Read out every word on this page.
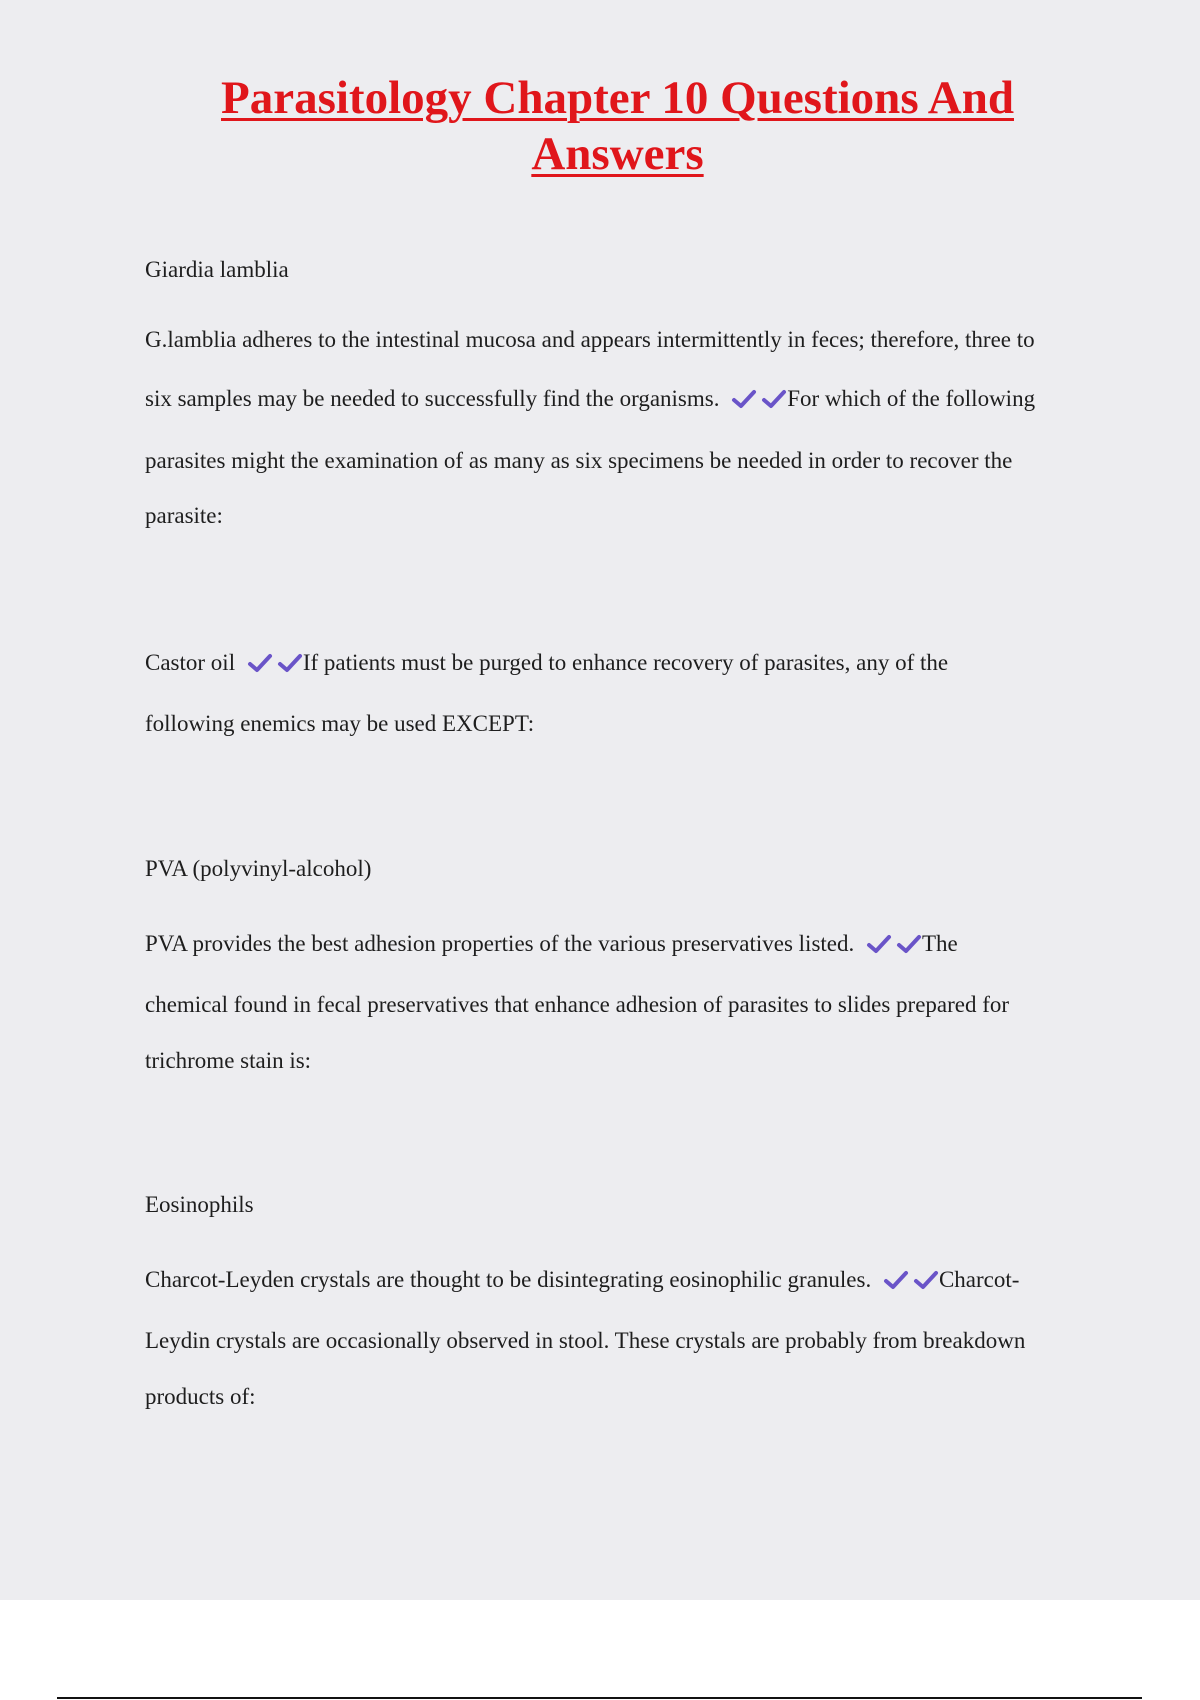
Parasitology Chapter 10 Questions And
Answers

Giardia lamblia

G.lamblia adheres to the intestinal mucosa and appears intermittently in feces; therefore, three to

six samples may be needed to successfully find the organisms.	For which of the following

parasites might the examination of as many as six specimens be needed in order to recover the

parasite:

Castor oil	If patients must be purged to enhance recovery of parasites, any of the

following enemics may be used EXCEPT:

PVA (polyvinyl-alcohol)

PVA provides the best adhesion properties of the various preservatives listed.	The

chemical found in fecal preservatives that enhance adhesion of parasites to slides prepared for

trichrome stain is:

Eosinophils

Charcot-Leyden crystals are thought to be disintegrating eosinophilic granules.	Charcot-

Leydin crystals are occasionally observed in stool. These crystals are probably from breakdown

products of:
